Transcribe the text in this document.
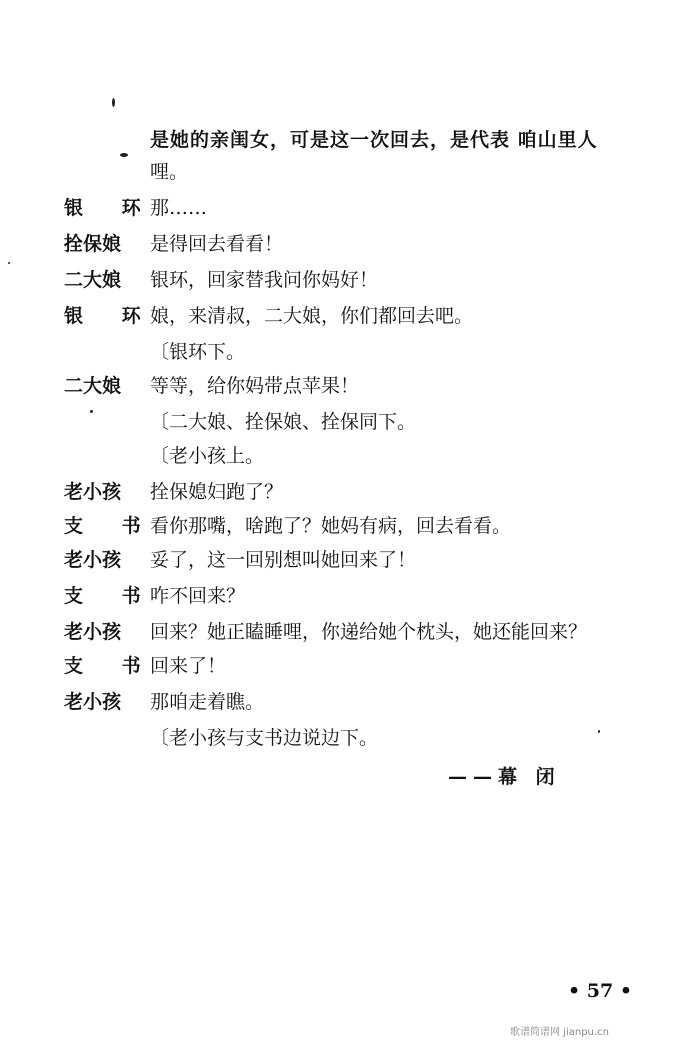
是她的亲闺女，可是这一次回去，是代表 咱山里人
哩。
银 环
那……
拴保娘 是得回去看看！
二大娘 银环，回家替我问你妈好！
银 环
娘，来清叔，二大娘，你们都回去吧。
〔银环下。
二大娘 等等，给你妈带点苹果！
〔二大娘、拴保娘、拴保同下。
〔老小孩上。
老小孩 拴保媳妇跑了？
支 书
看你那嘴，啥跑了？她妈有病，回去看看。
老小孩 妥了，这一回别想叫她回来了！
支 书
咋不回来？
老小孩 回来？她正瞌睡哩，你递给她个枕头，她还能回来？
支 书
回来了！
老小孩 那咱走着瞧。
〔老小孩与支书边说边下。
——幕 闭
• 57 •
歌谱简谱网 jianpu.cn
